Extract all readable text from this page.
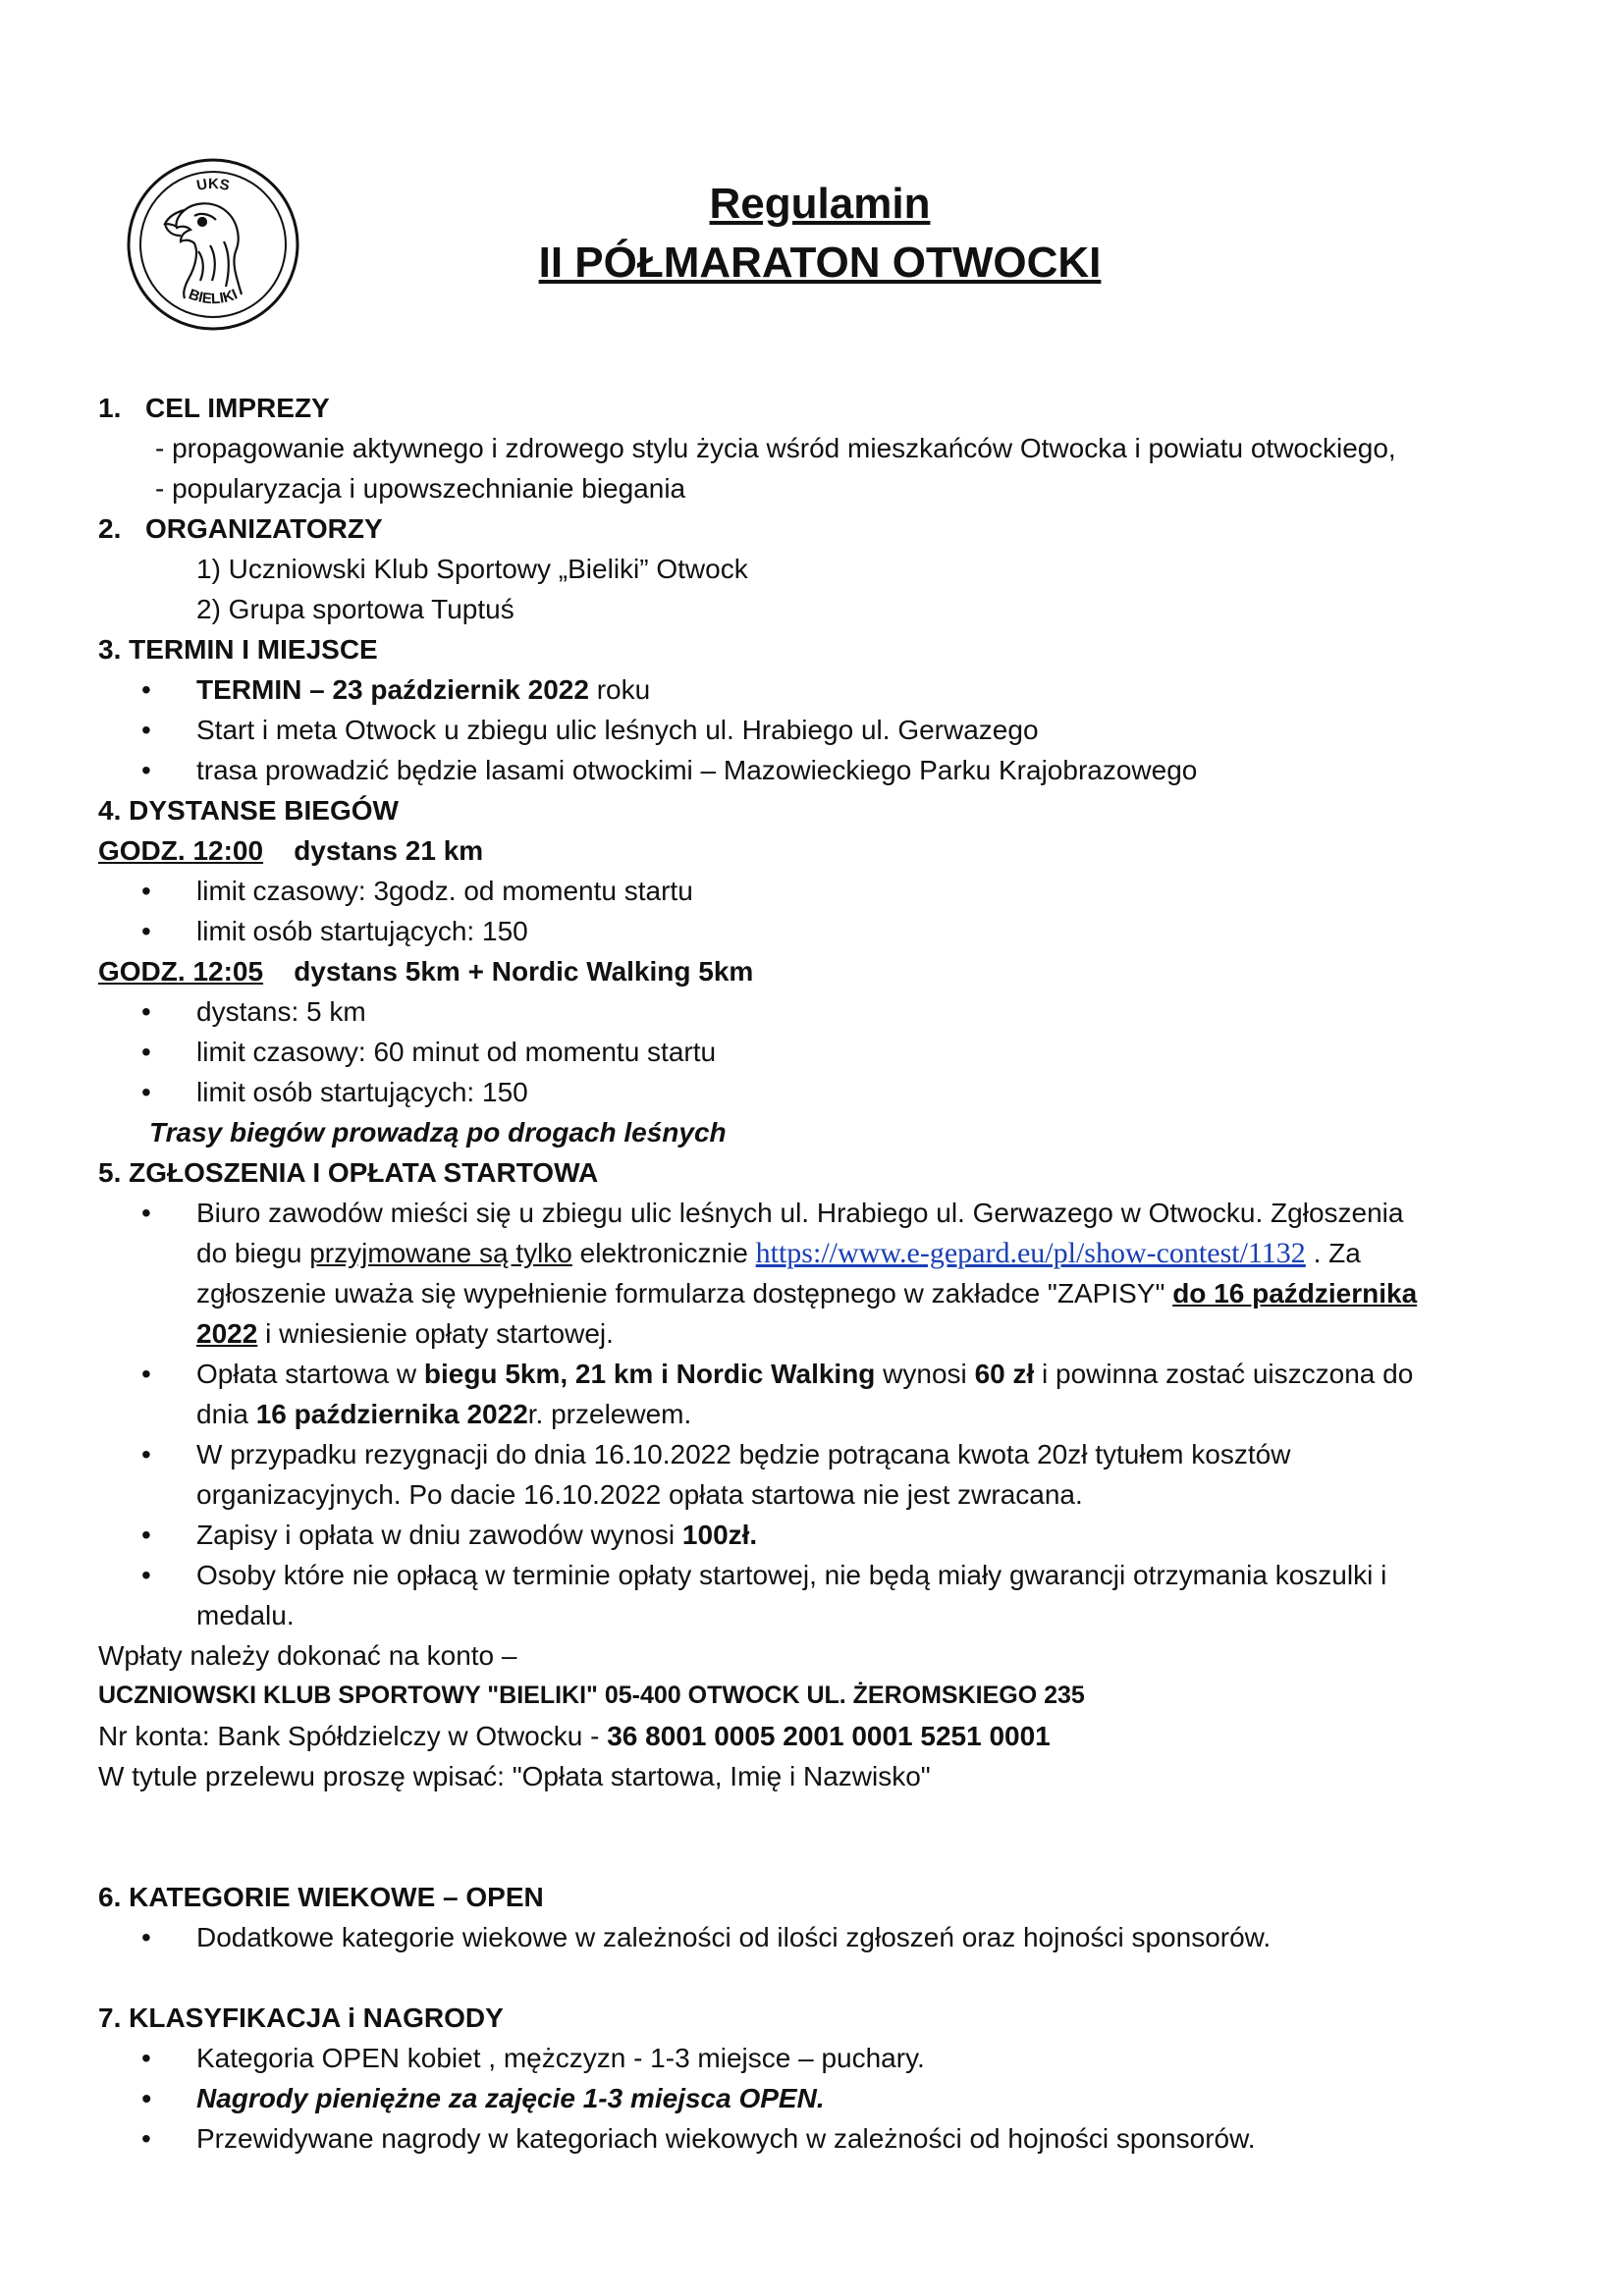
UKS
BIELIKI
Regulamin
II PÓŁMARATON OTWOCKI
1. CEL IMPREZY
- propagowanie aktywnego i zdrowego stylu życia wśród mieszkańców Otwocka i powiatu otwockiego,
- popularyzacja i upowszechnianie biegania
2. ORGANIZATORZY
1) Uczniowski Klub Sportowy „Bieliki” Otwock
2) Grupa sportowa Tuptuś
3. TERMIN I MIEJSCE
• TERMIN – 23 październik 2022 roku
• Start i meta Otwock u zbiegu ulic leśnych ul. Hrabiego ul. Gerwazego
• trasa prowadzić będzie lasami otwockimi – Mazowieckiego Parku Krajobrazowego
4. DYSTANSE BIEGÓW
GODZ. 12:00 dystans 21 km
• limit czasowy: 3godz. od momentu startu
• limit osób startujących: 150
GODZ. 12:05 dystans 5km + Nordic Walking 5km
• dystans: 5 km
• limit czasowy: 60 minut od momentu startu
• limit osób startujących: 150
Trasy biegów prowadzą po drogach leśnych
5. ZGŁOSZENIA I OPŁATA STARTOWA
• Biuro zawodów mieści się u zbiegu ulic leśnych ul. Hrabiego ul. Gerwazego w Otwocku. Zgłoszenia
do biegu przyjmowane są tylko elektronicznie https://www.e-gepard.eu/pl/show-contest/1132 . Za
zgłoszenie uważa się wypełnienie formularza dostępnego w zakładce "ZAPISY" do 16 października
2022 i wniesienie opłaty startowej.
• Opłata startowa w biegu 5km, 21 km i Nordic Walking wynosi 60 zł i powinna zostać uiszczona do
dnia 16 października 2022r. przelewem.
• W przypadku rezygnacji do dnia 16.10.2022 będzie potrącana kwota 20zł tytułem kosztów
organizacyjnych. Po dacie 16.10.2022 opłata startowa nie jest zwracana.
• Zapisy i opłata w dniu zawodów wynosi 100zł.
• Osoby które nie opłacą w terminie opłaty startowej, nie będą miały gwarancji otrzymania koszulki i
medalu.
Wpłaty należy dokonać na konto –
UCZNIOWSKI KLUB SPORTOWY "BIELIKI" 05-400 OTWOCK UL. ŻEROMSKIEGO 235
Nr konta: Bank Spółdzielczy w Otwocku - 36 8001 0005 2001 0001 5251 0001
W tytule przelewu proszę wpisać: "Opłata startowa, Imię i Nazwisko"
6. KATEGORIE WIEKOWE – OPEN
• Dodatkowe kategorie wiekowe w zależności od ilości zgłoszeń oraz hojności sponsorów.
7. KLASYFIKACJA i NAGRODY
• Kategoria OPEN kobiet , mężczyzn - 1-3 miejsce – puchary.
• Nagrody pieniężne za zajęcie 1-3 miejsca OPEN.
• Przewidywane nagrody w kategoriach wiekowych w zależności od hojności sponsorów.
